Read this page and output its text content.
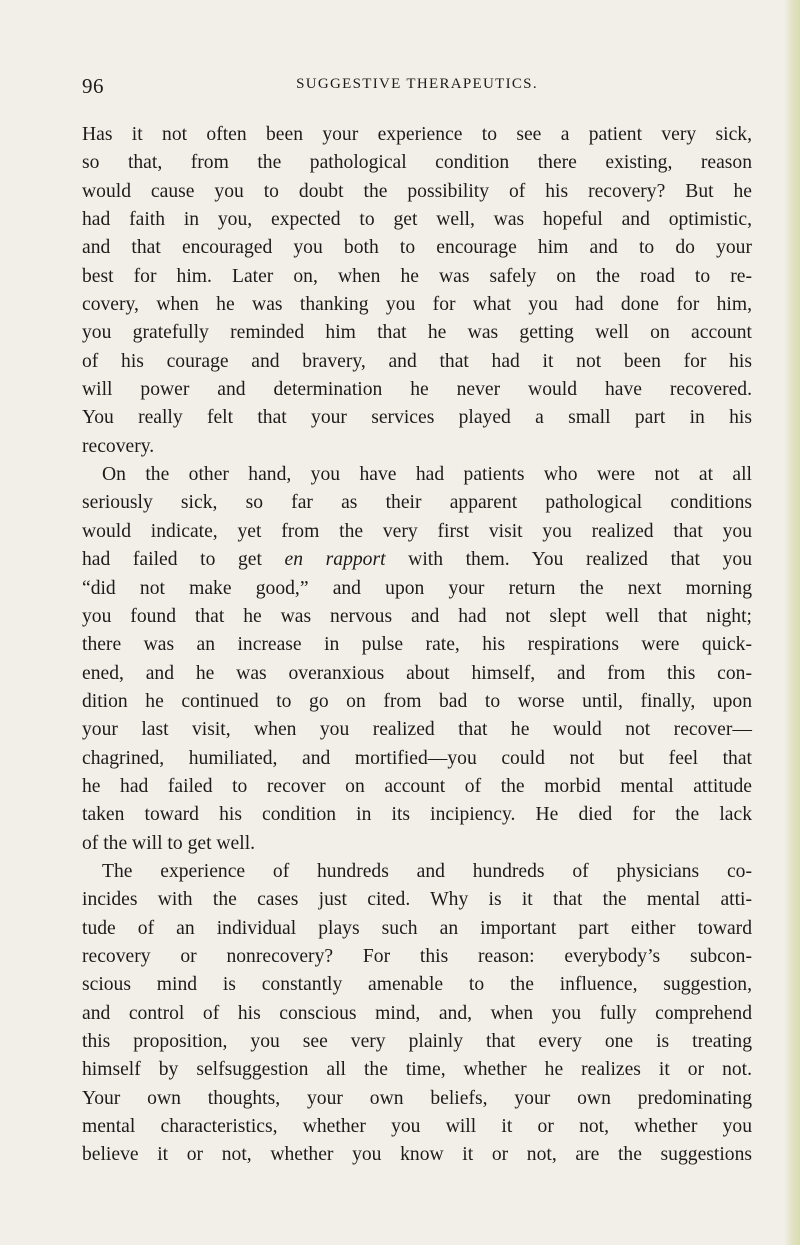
96	SUGGESTIVE THERAPEUTICS.
Has it not often been your experience to see a patient very sick,
so that, from the pathological condition there existing, reason
would cause you to doubt the possibility of his recovery? But he
had faith in you, expected to get well, was hopeful and optimistic,
and that encouraged you both to encourage him and to do your
best for him. Later on, when he was safely on the road to re-
covery, when he was thanking you for what you had done for him,
you gratefully reminded him that he was getting well on account
of his courage and bravery, and that had it not been for his
will power and determination he never would have recovered.
You really felt that your services played a small part in his
recovery.
On the other hand, you have had patients who were not at all
seriously sick, so far as their apparent pathological conditions
would indicate, yet from the very first visit you realized that you
had failed to get en rapport with them. You realized that you
“did not make good,” and upon your return the next morning
you found that he was nervous and had not slept well that night;
there was an increase in pulse rate, his respirations were quick-
ened, and he was overanxious about himself, and from this con-
dition he continued to go on from bad to worse until, finally, upon
your last visit, when you realized that he would not recover—
chagrined, humiliated, and mortified—you could not but feel that
he had failed to recover on account of the morbid mental attitude
taken toward his condition in its incipiency. He died for the lack
of the will to get well.
The experience of hundreds and hundreds of physicians co-
incides with the cases just cited. Why is it that the mental atti-
tude of an individual plays such an important part either toward
recovery or nonrecovery? For this reason: everybody’s subcon-
scious mind is constantly amenable to the influence, suggestion,
and control of his conscious mind, and, when you fully comprehend
this proposition, you see very plainly that every one is treating
himself by selfsuggestion all the time, whether he realizes it or not.
Your own thoughts, your own beliefs, your own predominating
mental characteristics, whether you will it or not, whether you
believe it or not, whether you know it or not, are the suggestions
